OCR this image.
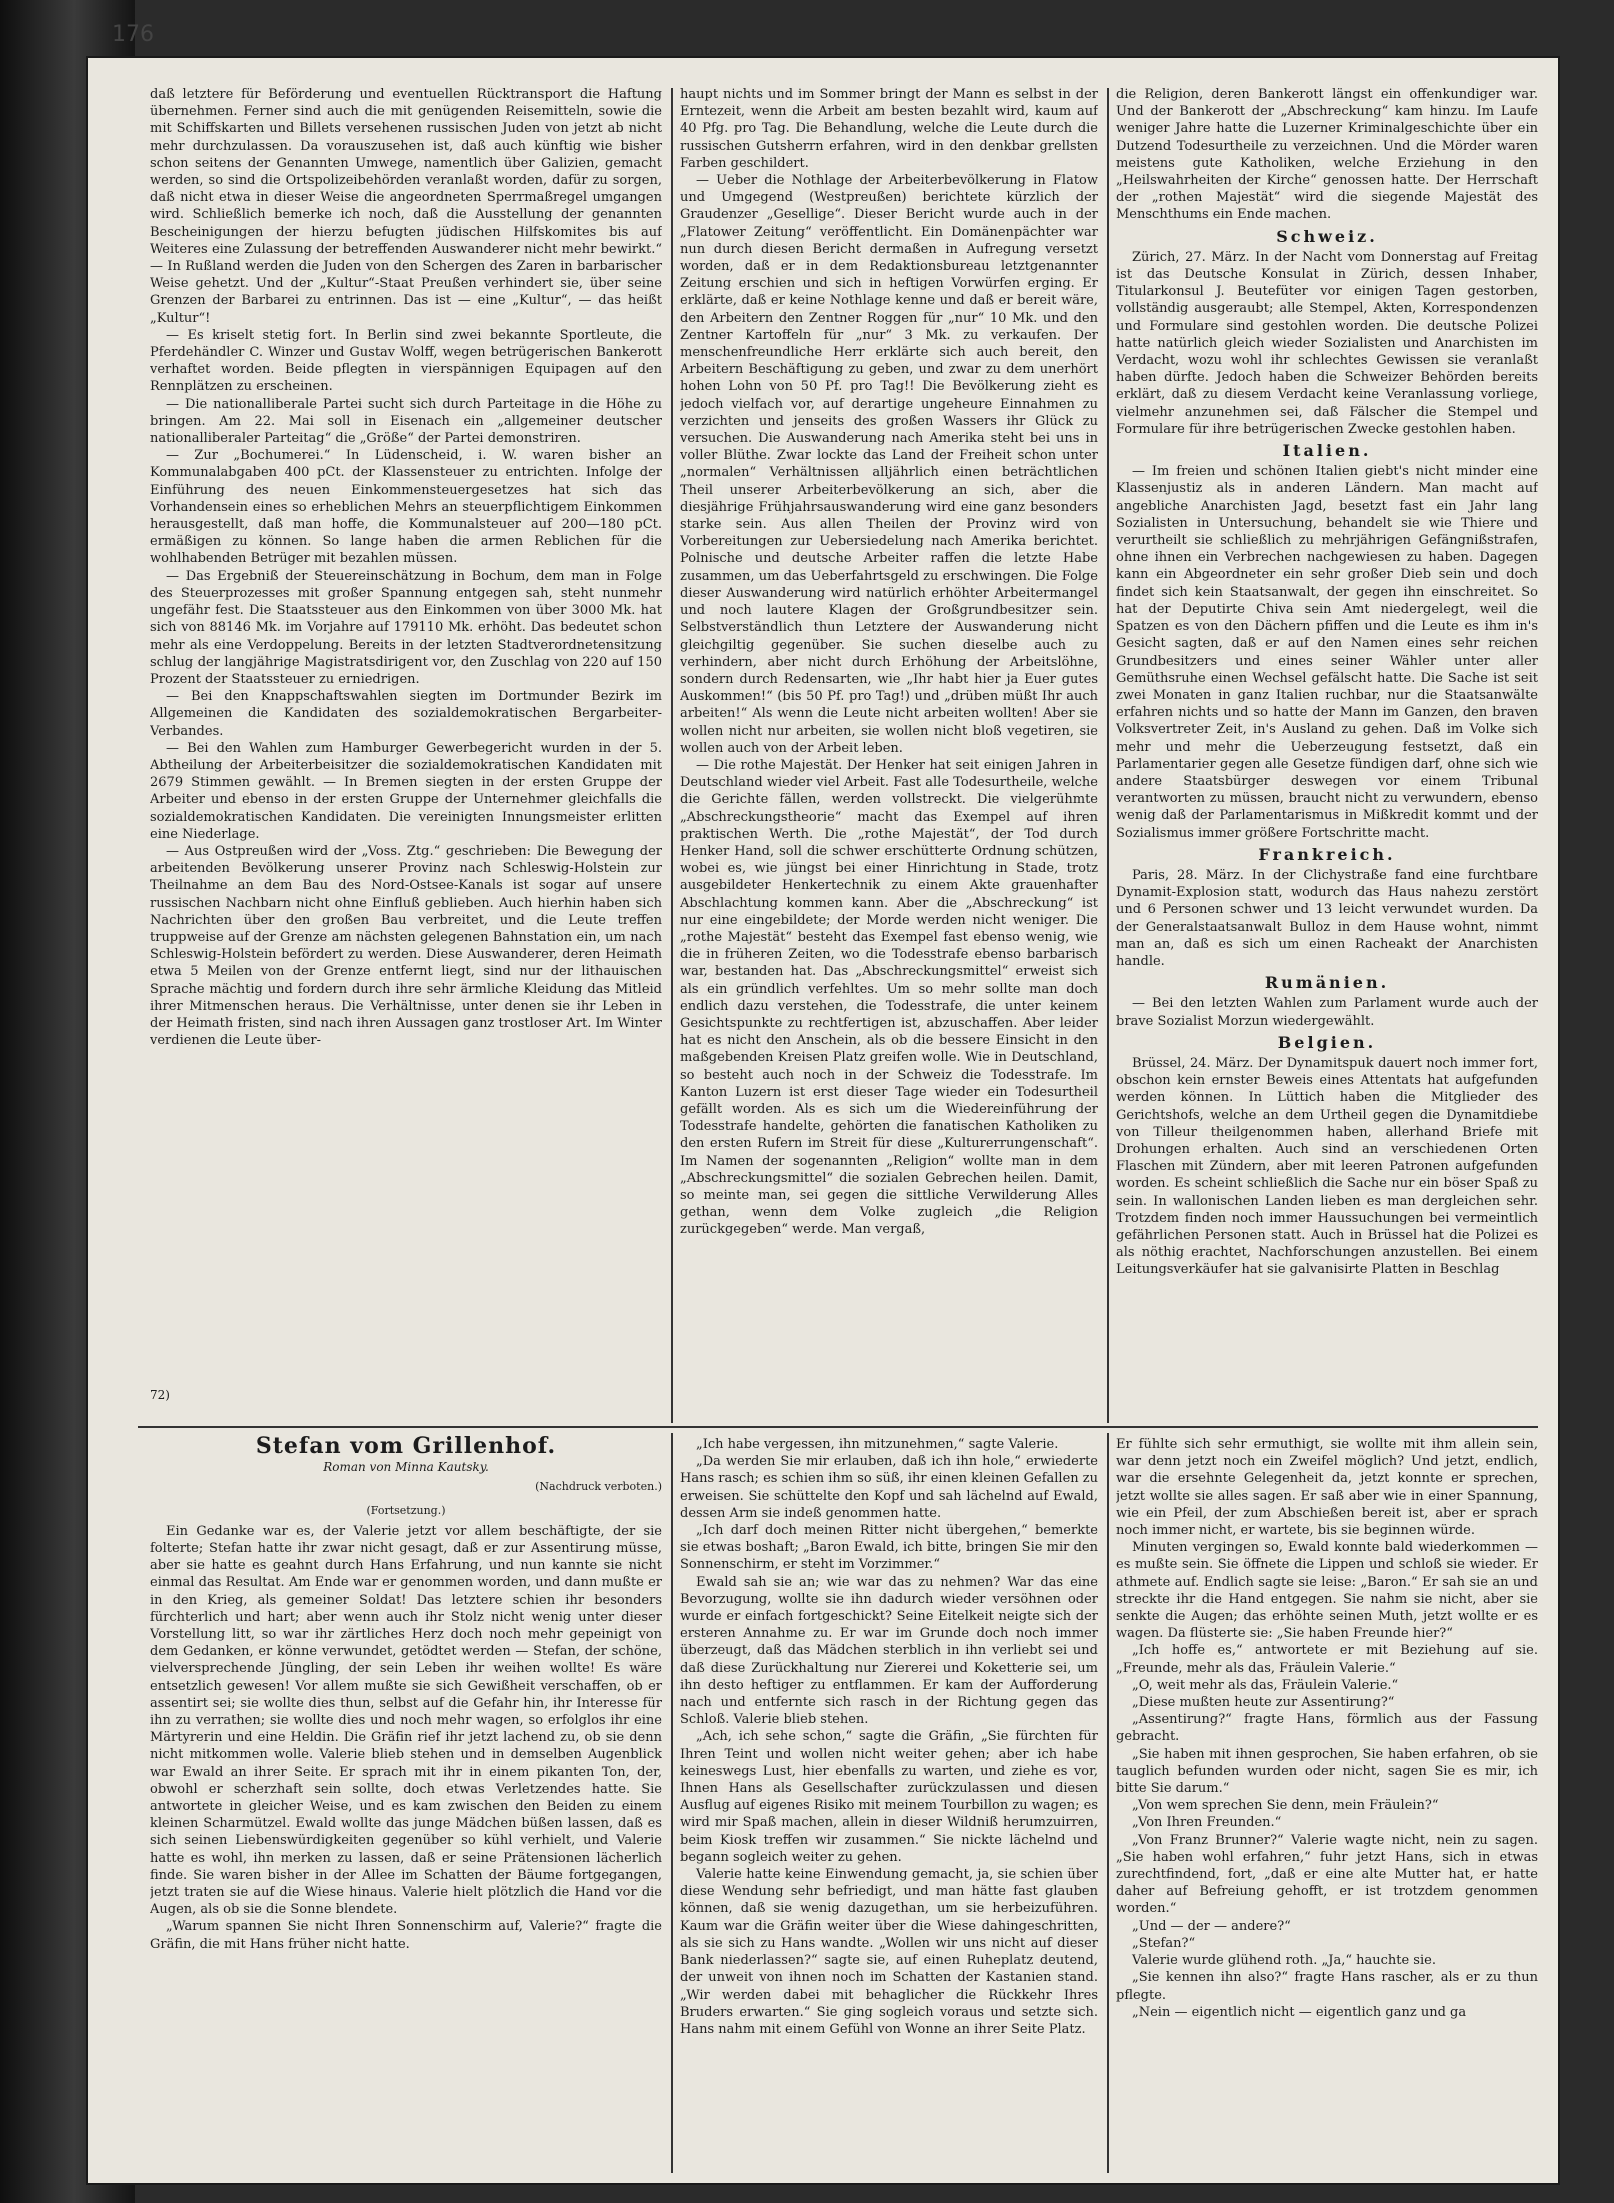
daß letztere für Beförderung und eventuellen Rücktransport die Haftung übernehmen. Ferner sind auch die mit genügenden Reisemitteln, sowie die mit Schiffskarten und Billets versehenen russischen Juden von jetzt ab nicht mehr durchzulassen. Da vorauszusehen ist, daß auch künftig wie bisher schon seitens der Genannten Umwege, namentlich über Galizien, gemacht werden, so sind die Ortspolizeibehörden veranlaßt worden, dafür zu sorgen, daß nicht etwa in dieser Weise die angeordneten Sperrmaßregel umgangen wird. Schließlich bemerke ich noch, daß die Ausstellung der genannten Bescheinigungen der hierzu befugten jüdischen Hilfskomites bis auf Weiteres eine Zulassung der betreffenden Auswanderer nicht mehr bewirkt.“ — In Rußland werden die Juden von den Schergen des Zaren in barbarischer Weise gehetzt. Und der „Kultur“-Staat Preußen verhindert sie, über seine Grenzen der Barbarei zu entrinnen. Das ist — eine „Kultur“, — das heißt „Kultur“!

— Es kriselt stetig fort. In Berlin sind zwei bekannte Sportleute, die Pferdehändler C. Winzer und Gustav Wolff, wegen betrügerischen Bankerott verhaftet worden. Beide pflegten in vierspännigen Equipagen auf den Rennplätzen zu erscheinen.

— Die nationalliberale Partei sucht sich durch Parteitage in die Höhe zu bringen. Am 22. Mai soll in Eisenach ein „allgemeiner deutscher nationalliberaler Parteitag“ die „Größe“ der Partei demonstriren.

— Zur „Bochumerei.“ In Lüdenscheid, i. W. waren bisher an Kommunalabgaben 400 pCt. der Klassensteuer zu entrichten. Infolge der Einführung des neuen Einkommensteuergesetzes hat sich das Vorhandensein eines so erheblichen Mehrs an steuerpflichtigem Einkommen herausgestellt, daß man hoffe, die Kommunalsteuer auf 200—180 pCt. ermäßigen zu können. So lange haben die armen Reblichen für die wohlhabenden Betrüger mit bezahlen müssen.

— Das Ergebniß der Steuereinschätzung in Bochum, dem man in Folge des Steuerprozesses mit großer Spannung entgegen sah, steht nunmehr ungefähr fest. Die Staatssteuer aus den Einkommen von über 3000 Mk. hat sich von 88146 Mk. im Vorjahre auf 179110 Mk. erhöht. Das bedeutet schon mehr als eine Verdoppelung. Bereits in der letzten Stadtverordnetensitzung schlug der langjährige Magistratsdirigent vor, den Zuschlag von 220 auf 150 Prozent der Staatssteuer zu erniedrigen.

— Bei den Knappschaftswahlen siegten im Dortmunder Bezirk im Allgemeinen die Kandidaten des sozialdemokratischen Bergarbeiter-Verbandes.

— Bei den Wahlen zum Hamburger Gewerbegericht wurden in der 5. Abtheilung der Arbeiterbeisitzer die sozialdemokratischen Kandidaten mit 2679 Stimmen gewählt. — In Bremen siegten in der ersten Gruppe der Arbeiter und ebenso in der ersten Gruppe der Unternehmer gleichfalls die sozialdemokratischen Kandidaten. Die vereinigten Innungsmeister erlitten eine Niederlage.

— Aus Ostpreußen wird der „Voss. Ztg.“ geschrieben: Die Bewegung der arbeitenden Bevölkerung unserer Provinz nach Schleswig-Holstein zur Theilnahme an dem Bau des Nord-Ostsee-Kanals ist sogar auf unsere russischen Nachbarn nicht ohne Einfluß geblieben. Auch hierhin haben sich Nachrichten über den großen Bau verbreitet, und die Leute treffen truppweise auf der Grenze am nächsten gelegenen Bahnstation ein, um nach Schleswig-Holstein befördert zu werden. Diese Auswanderer, deren Heimath etwa 5 Meilen von der Grenze entfernt liegt, sind nur der lithauischen Sprache mächtig und fordern durch ihre sehr ärmliche Kleidung das Mitleid ihrer Mitmenschen heraus. Die Verhältnisse, unter denen sie ihr Leben in der Heimath fristen, sind nach ihren Aussagen ganz trostloser Art. Im Winter verdienen die Leute über-

haupt nichts und im Sommer bringt der Mann es selbst in der Erntezeit, wenn die Arbeit am besten bezahlt wird, kaum auf 40 Pfg. pro Tag. Die Behandlung, welche die Leute durch die russischen Gutsherrn erfahren, wird in den denkbar grellsten Farben geschildert.

— Ueber die Nothlage der Arbeiterbevölkerung in Flatow und Umgegend (Westpreußen) berichtete kürzlich der Graudenzer „Gesellige“. Dieser Bericht wurde auch in der „Flatower Zeitung“ veröffentlicht. Ein Domänenpächter war nun durch diesen Bericht dermaßen in Aufregung versetzt worden, daß er in dem Redaktionsbureau letztgenannter Zeitung erschien und sich in heftigen Vorwürfen erging. Er erklärte, daß er keine Nothlage kenne und daß er bereit wäre, den Arbeitern den Zentner Roggen für „nur“ 10 Mk. und den Zentner Kartoffeln für „nur“ 3 Mk. zu verkaufen. Der menschenfreundliche Herr erklärte sich auch bereit, den Arbeitern Beschäftigung zu geben, und zwar zu dem unerhört hohen Lohn von 50 Pf. pro Tag!! Die Bevölkerung zieht es jedoch vielfach vor, auf derartige ungeheure Einnahmen zu verzichten und jenseits des großen Wassers ihr Glück zu versuchen. Die Auswanderung nach Amerika steht bei uns in voller Blüthe. Zwar lockte das Land der Freiheit schon unter „normalen“ Verhältnissen alljährlich einen beträchtlichen Theil unserer Arbeiterbevölkerung an sich, aber die diesjährige Frühjahrsauswanderung wird eine ganz besonders starke sein. Aus allen Theilen der Provinz wird von Vorbereitungen zur Uebersiedelung nach Amerika berichtet. Polnische und deutsche Arbeiter raffen die letzte Habe zusammen, um das Ueberfahrtsgeld zu erschwingen. Die Folge dieser Auswanderung wird natürlich erhöhter Arbeitermangel und noch lautere Klagen der Großgrundbesitzer sein. Selbstverständlich thun Letztere der Auswanderung nicht gleichgiltig gegenüber. Sie suchen dieselbe auch zu verhindern, aber nicht durch Erhöhung der Arbeitslöhne, sondern durch Redensarten, wie „Ihr habt hier ja Euer gutes Auskommen!“ (bis 50 Pf. pro Tag!) und „drüben müßt Ihr auch arbeiten!“ Als wenn die Leute nicht arbeiten wollten! Aber sie wollen nicht nur arbeiten, sie wollen nicht bloß vegetiren, sie wollen auch von der Arbeit leben.

— Die rothe Majestät. Der Henker hat seit einigen Jahren in Deutschland wieder viel Arbeit. Fast alle Todesurtheile, welche die Gerichte fällen, werden vollstreckt. Die vielgerühmte „Abschreckungstheorie“ macht das Exempel auf ihren praktischen Werth. Die „rothe Majestät“, der Tod durch Henker Hand, soll die schwer erschütterte Ordnung schützen, wobei es, wie jüngst bei einer Hinrichtung in Stade, trotz ausgebildeter Henkertechnik zu einem Akte grauenhafter Abschlachtung kommen kann. Aber die „Abschreckung“ ist nur eine eingebildete; der Morde werden nicht weniger. Die „rothe Majestät“ besteht das Exempel fast ebenso wenig, wie die in früheren Zeiten, wo die Todesstrafe ebenso barbarisch war, bestanden hat. Das „Abschreckungsmittel“ erweist sich als ein gründlich verfehltes. Um so mehr sollte man doch endlich dazu verstehen, die Todesstrafe, die unter keinem Gesichtspunkte zu rechtfertigen ist, abzuschaffen. Aber leider hat es nicht den Anschein, als ob die bessere Einsicht in den maßgebenden Kreisen Platz greifen wolle. Wie in Deutschland, so besteht auch noch in der Schweiz die Todesstrafe. Im Kanton Luzern ist erst dieser Tage wieder ein Todesurtheil gefällt worden. Als es sich um die Wiedereinführung der Todesstrafe handelte, gehörten die fanatischen Katholiken zu den ersten Rufern im Streit für diese „Kulturerrungenschaft“. Im Namen der sogenannten „Religion“ wollte man in dem „Abschreckungsmittel“ die sozialen Gebrechen heilen. Damit, so meinte man, sei gegen die sittliche Verwilderung Alles gethan, wenn dem Volke zugleich „die Religion zurückgegeben“ werde. Man vergaß,

die Religion, deren Bankerott längst ein offenkundiger war. Und der Bankerott der „Abschreckung“ kam hinzu. Im Laufe weniger Jahre hatte die Luzerner Kriminalgeschichte über ein Dutzend Todesurtheile zu verzeichnen. Und die Mörder waren meistens gute Katholiken, welche Erziehung in den „Heilswahrheiten der Kirche“ genossen hatte. Der Herrschaft der „rothen Majestät“ wird die siegende Majestät des Menschthums ein Ende machen.

Schweiz.

Zürich, 27. März. In der Nacht vom Donnerstag auf Freitag ist das Deutsche Konsulat in Zürich, dessen Inhaber, Titularkonsul J. Beutefüter vor einigen Tagen gestorben, vollständig ausgeraubt; alle Stempel, Akten, Korrespondenzen und Formulare sind gestohlen worden. Die deutsche Polizei hatte natürlich gleich wieder Sozialisten und Anarchisten im Verdacht, wozu wohl ihr schlechtes Gewissen sie veranlaßt haben dürfte. Jedoch haben die Schweizer Behörden bereits erklärt, daß zu diesem Verdacht keine Veranlassung vorliege, vielmehr anzunehmen sei, daß Fälscher die Stempel und Formulare für ihre betrügerischen Zwecke gestohlen haben.

Italien.

— Im freien und schönen Italien giebt's nicht minder eine Klassenjustiz als in anderen Ländern. Man macht auf angebliche Anarchisten Jagd, besetzt fast ein Jahr lang Sozialisten in Untersuchung, behandelt sie wie Thiere und verurtheilt sie schließlich zu mehrjährigen Gefängnißstrafen, ohne ihnen ein Verbrechen nachgewiesen zu haben. Dagegen kann ein Abgeordneter ein sehr großer Dieb sein und doch findet sich kein Staatsanwalt, der gegen ihn einschreitet. So hat der Deputirte Chiva sein Amt niedergelegt, weil die Spatzen es von den Dächern pfiffen und die Leute es ihm in's Gesicht sagten, daß er auf den Namen eines sehr reichen Grundbesitzers und eines seiner Wähler unter aller Gemüthsruhe einen Wechsel gefälscht hatte. Die Sache ist seit zwei Monaten in ganz Italien ruchbar, nur die Staatsanwälte erfahren nichts und so hatte der Mann im Ganzen, den braven Volksvertreter Zeit, in's Ausland zu gehen. Daß im Volke sich mehr und mehr die Ueberzeugung festsetzt, daß ein Parlamentarier gegen alle Gesetze fündigen darf, ohne sich wie andere Staatsbürger deswegen vor einem Tribunal verantworten zu müssen, braucht nicht zu verwundern, ebenso wenig daß der Parlamentarismus in Mißkredit kommt und der Sozialismus immer größere Fortschritte macht.

Frankreich.

Paris, 28. März. In der Clichystraße fand eine furchtbare Dynamit-Explosion statt, wodurch das Haus nahezu zerstört und 6 Personen schwer und 13 leicht verwundet wurden. Da der Generalstaatsanwalt Bulloz in dem Hause wohnt, nimmt man an, daß es sich um einen Racheakt der Anarchisten handle.

Rumänien.

— Bei den letzten Wahlen zum Parlament wurde auch der brave Sozialist Morzun wiedergewählt.

Belgien.

Brüssel, 24. März. Der Dynamitspuk dauert noch immer fort, obschon kein ernster Beweis eines Attentats hat aufgefunden werden können. In Lüttich haben die Mitglieder des Gerichtshofs, welche an dem Urtheil gegen die Dynamitdiebe von Tilleur theilgenommen haben, allerhand Briefe mit Drohungen erhalten. Auch sind an verschiedenen Orten Flaschen mit Zündern, aber mit leeren Patronen aufgefunden worden. Es scheint schließlich die Sache nur ein böser Spaß zu sein. In wallonischen Landen lieben es man dergleichen sehr. Trotzdem finden noch immer Haussuchungen bei vermeintlich gefährlichen Personen statt. Auch in Brüssel hat die Polizei es als nöthig erachtet, Nachforschungen anzustellen. Bei einem Leitungsverkäufer hat sie galvanisirte Platten in Beschlag

Stefan vom Grillenhof.
Roman von Minna Kautsky.
(Nachdruck verboten.)
(Fortsetzung.)

Ein Gedanke war es, der Valerie jetzt vor allem beschäftigte, der sie folterte; Stefan hatte ihr zwar nicht gesagt, daß er zur Assentirung müsse, aber sie hatte es geahnt durch Hans Erfahrung, und nun kannte sie nicht einmal das Resultat. Am Ende war er genommen worden, und dann mußte er in den Krieg, als gemeiner Soldat! Das letztere schien ihr besonders fürchterlich und hart; aber wenn auch ihr Stolz nicht wenig unter dieser Vorstellung litt, so war ihr zärtliches Herz doch noch mehr gepeinigt von dem Gedanken, er könne verwundet, getödtet werden — Stefan, der schöne, vielversprechende Jüngling, der sein Leben ihr weihen wollte! Es wäre entsetzlich gewesen! Vor allem mußte sie sich Gewißheit verschaffen, ob er assentirt sei; sie wollte dies thun, selbst auf die Gefahr hin, ihr Interesse für ihn zu verrathen; sie wollte dies und noch mehr wagen, so erfolglos ihr eine Märtyrerin und eine Heldin. Die Gräfin rief ihr jetzt lachend zu, ob sie denn nicht mitkommen wolle. Valerie blieb stehen und in demselben Augenblick war Ewald an ihrer Seite. Er sprach mit ihr in einem pikanten Ton, der, obwohl er scherzhaft sein sollte, doch etwas Verletzendes hatte. Sie antwortete in gleicher Weise, und es kam zwischen den Beiden zu einem kleinen Scharmützel. Ewald wollte das junge Mädchen büßen lassen, daß es sich seinen Liebenswürdigkeiten gegenüber so kühl verhielt, und Valerie hatte es wohl, ihn merken zu lassen, daß er seine Prätensionen lächerlich finde. Sie waren bisher in der Allee im Schatten der Bäume fortgegangen, jetzt traten sie auf die Wiese hinaus. Valerie hielt plötzlich die Hand vor die Augen, als ob sie die Sonne blendete.

„Warum spannen Sie nicht Ihren Sonnenschirm auf, Valerie?“ fragte die Gräfin, die mit Hans früher nicht hatte.

„Ich habe vergessen, ihn mitzunehmen,“ sagte Valerie.

„Da werden Sie mir erlauben, daß ich ihn hole,“ erwiederte Hans rasch; es schien ihm so süß, ihr einen kleinen Gefallen zu erweisen. Sie schüttelte den Kopf und sah lächelnd auf Ewald, dessen Arm sie indeß genommen hatte.

„Ich darf doch meinen Ritter nicht übergehen,“ bemerkte sie etwas boshaft; „Baron Ewald, ich bitte, bringen Sie mir den Sonnenschirm, er steht im Vorzimmer.“

Ewald sah sie an; wie war das zu nehmen? War das eine Bevorzugung, wollte sie ihn dadurch wieder versöhnen oder wurde er einfach fortgeschickt? Seine Eitelkeit neigte sich der ersteren Annahme zu. Er war im Grunde doch noch immer überzeugt, daß das Mädchen sterblich in ihn verliebt sei und daß diese Zurückhaltung nur Ziererei und Koketterie sei, um ihn desto heftiger zu entflammen. Er kam der Aufforderung nach und entfernte sich rasch in der Richtung gegen das Schloß. Valerie blieb stehen.

„Ach, ich sehe schon,“ sagte die Gräfin, „Sie fürchten für Ihren Teint und wollen nicht weiter gehen; aber ich habe keineswegs Lust, hier ebenfalls zu warten, und ziehe es vor, Ihnen Hans als Gesellschafter zurückzulassen und diesen Ausflug auf eigenes Risiko mit meinem Tourbillon zu wagen; es wird mir Spaß machen, allein in dieser Wildniß herumzuirren, beim Kiosk treffen wir zusammen.“ Sie nickte lächelnd und begann sogleich weiter zu gehen.

Valerie hatte keine Einwendung gemacht, ja, sie schien über diese Wendung sehr befriedigt, und man hätte fast glauben können, daß sie wenig dazugethan, um sie herbeizuführen. Kaum war die Gräfin weiter über die Wiese dahingeschritten, als sie sich zu Hans wandte. „Wollen wir uns nicht auf dieser Bank niederlassen?“ sagte sie, auf einen Ruheplatz deutend, der unweit von ihnen noch im Schatten der Kastanien stand. „Wir werden dabei mit behaglicher die Rückkehr Ihres Bruders erwarten.“ Sie ging sogleich voraus und setzte sich. Hans nahm mit einem Gefühl von Wonne an ihrer Seite Platz.

Er fühlte sich sehr ermuthigt, sie wollte mit ihm allein sein, war denn jetzt noch ein Zweifel möglich? Und jetzt, endlich, war die ersehnte Gelegenheit da, jetzt konnte er sprechen, jetzt wollte sie alles sagen. Er saß aber wie in einer Spannung, wie ein Pfeil, der zum Abschießen bereit ist, aber er sprach noch immer nicht, er wartete, bis sie beginnen würde.

Minuten vergingen so, Ewald konnte bald wiederkommen — es mußte sein. Sie öffnete die Lippen und schloß sie wieder. Er athmete auf. Endlich sagte sie leise: „Baron.“ Er sah sie an und streckte ihr die Hand entgegen. Sie nahm sie nicht, aber sie senkte die Augen; das erhöhte seinen Muth, jetzt wollte er es wagen. Da flüsterte sie: „Sie haben Freunde hier?“

„Ich hoffe es,“ antwortete er mit Beziehung auf sie. „Freunde, mehr als das, Fräulein Valerie.“

„O, weit mehr als das, Fräulein Valerie.“

„Diese mußten heute zur Assentirung?“

„Assentirung?“ fragte Hans, förmlich aus der Fassung gebracht.

„Sie haben mit ihnen gesprochen, Sie haben erfahren, ob sie tauglich befunden wurden oder nicht, sagen Sie es mir, ich bitte Sie darum.“

„Von wem sprechen Sie denn, mein Fräulein?“

„Von Ihren Freunden.“

„Von Franz Brunner?“ Valerie wagte nicht, nein zu sagen. „Sie haben wohl erfahren,“ fuhr jetzt Hans, sich in etwas zurechtfindend, fort, „daß er eine alte Mutter hat, er hatte daher auf Befreiung gehofft, er ist trotzdem genommen worden.“

„Und — der — andere?“

„Stefan?“

Valerie wurde glühend roth. „Ja,“ hauchte sie.

„Sie kennen ihn also?“ fragte Hans rascher, als er zu thun pflegte.

„Nein — eigentlich nicht — eigentlich ganz und ga

176
72)
